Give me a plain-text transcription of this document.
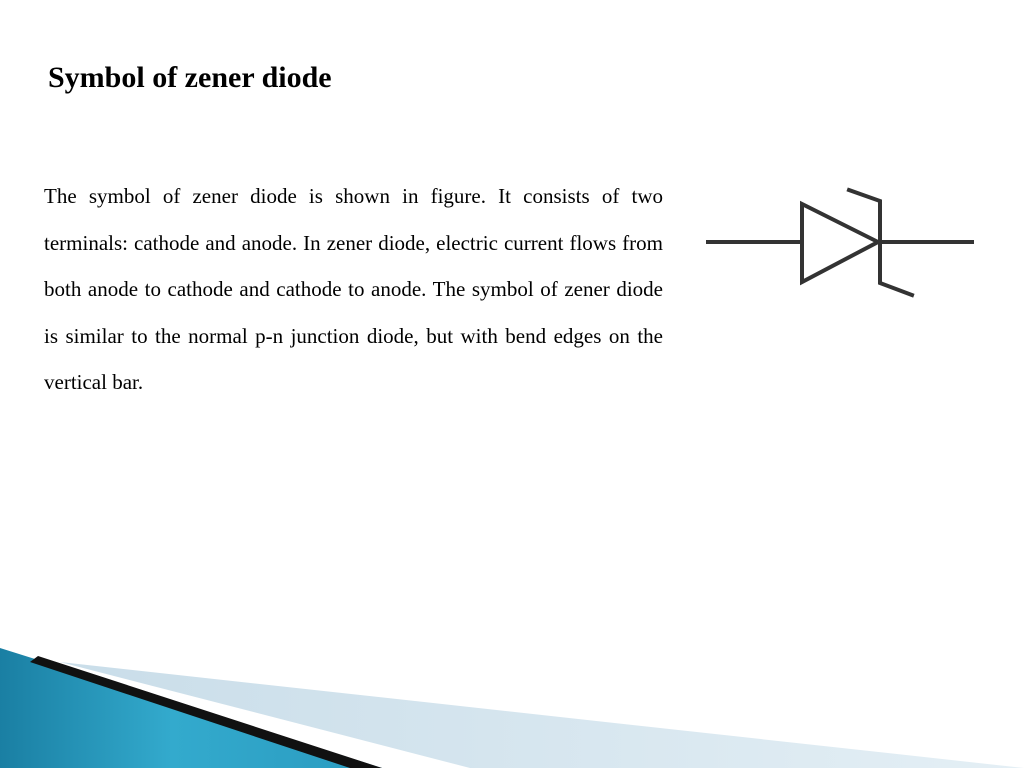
Symbol of zener diode

The symbol of zener diode is shown in figure. It consists of two terminals: cathode and anode. In zener diode, electric current flows from both anode to cathode and cathode to anode. The symbol of zener diode is similar to the normal p-n junction diode, but with bend edges on the vertical bar.
